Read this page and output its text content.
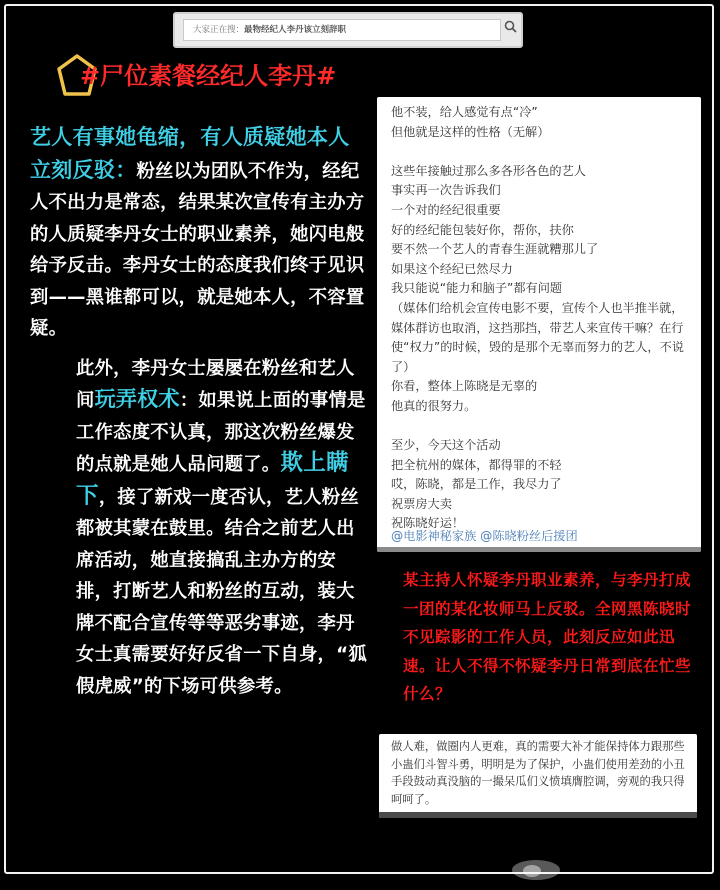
大家正在搜：最物经纪人李丹该立刻辞职
#尸位素餐经纪人李丹#

艺人有事她龟缩，有人质疑她本人立刻反驳：粉丝以为团队不作为，经纪人不出力是常态，结果某次宣传有主办方的人质疑李丹女士的职业素养，她闪电般给予反击。李丹女士的态度我们终于见识到——黑谁都可以，就是她本人，不容置疑。

此外，李丹女士屡屡在粉丝和艺人间玩弄权术：如果说上面的事情是工作态度不认真，那这次粉丝爆发的点就是她人品问题了。欺上瞒下，接了新戏一度否认，艺人粉丝都被其蒙在鼓里。结合之前艺人出席活动，她直接搞乱主办方的安排，打断艺人和粉丝的互动，装大牌不配合宣传等等恶劣事迹，李丹女士真需要好好反省一下自身，“狐假虎威”的下场可供参考。

他不装，给人感觉有点“冷”
但他就是这样的性格（无解）

这些年接触过那么多各形各色的艺人
事实再一次告诉我们
一个对的经纪很重要
好的经纪能包装好你，帮你，扶你
要不然一个艺人的青春生涯就糟那儿了
如果这个经纪已然尽力
我只能说“能力和脑子”都有问题
（媒体们给机会宣传电影不要，宣传个人也半推半就，媒体群访也取消，这挡那挡，带艺人来宣传干嘛？在行使“权力”的时候，毁的是那个无辜而努力的艺人，不说了）
你看，整体上陈晓是无辜的
他真的很努力。

至少，今天这个活动
把全杭州的媒体，都得罪的不轻
哎，陈晓，都是工作，我尽力了
祝票房大卖
祝陈晓好运！
@电影神秘家族 @陈晓粉丝后援团
某主持人怀疑李丹职业素养，与李丹打成一团的某化妆师马上反驳。全网黑陈晓时不见踪影的工作人员，此刻反应如此迅速。让人不得不怀疑李丹日常到底在忙些什么？
做人难，做圈内人更难，真的需要大补才能保持体力跟那些小蛊们斗智斗勇，明明是为了保护，小蛊们使用差劲的小丑手段鼓动真没脑的一撮呆瓜们义愤填膺腔调，旁观的我只得呵呵了。
